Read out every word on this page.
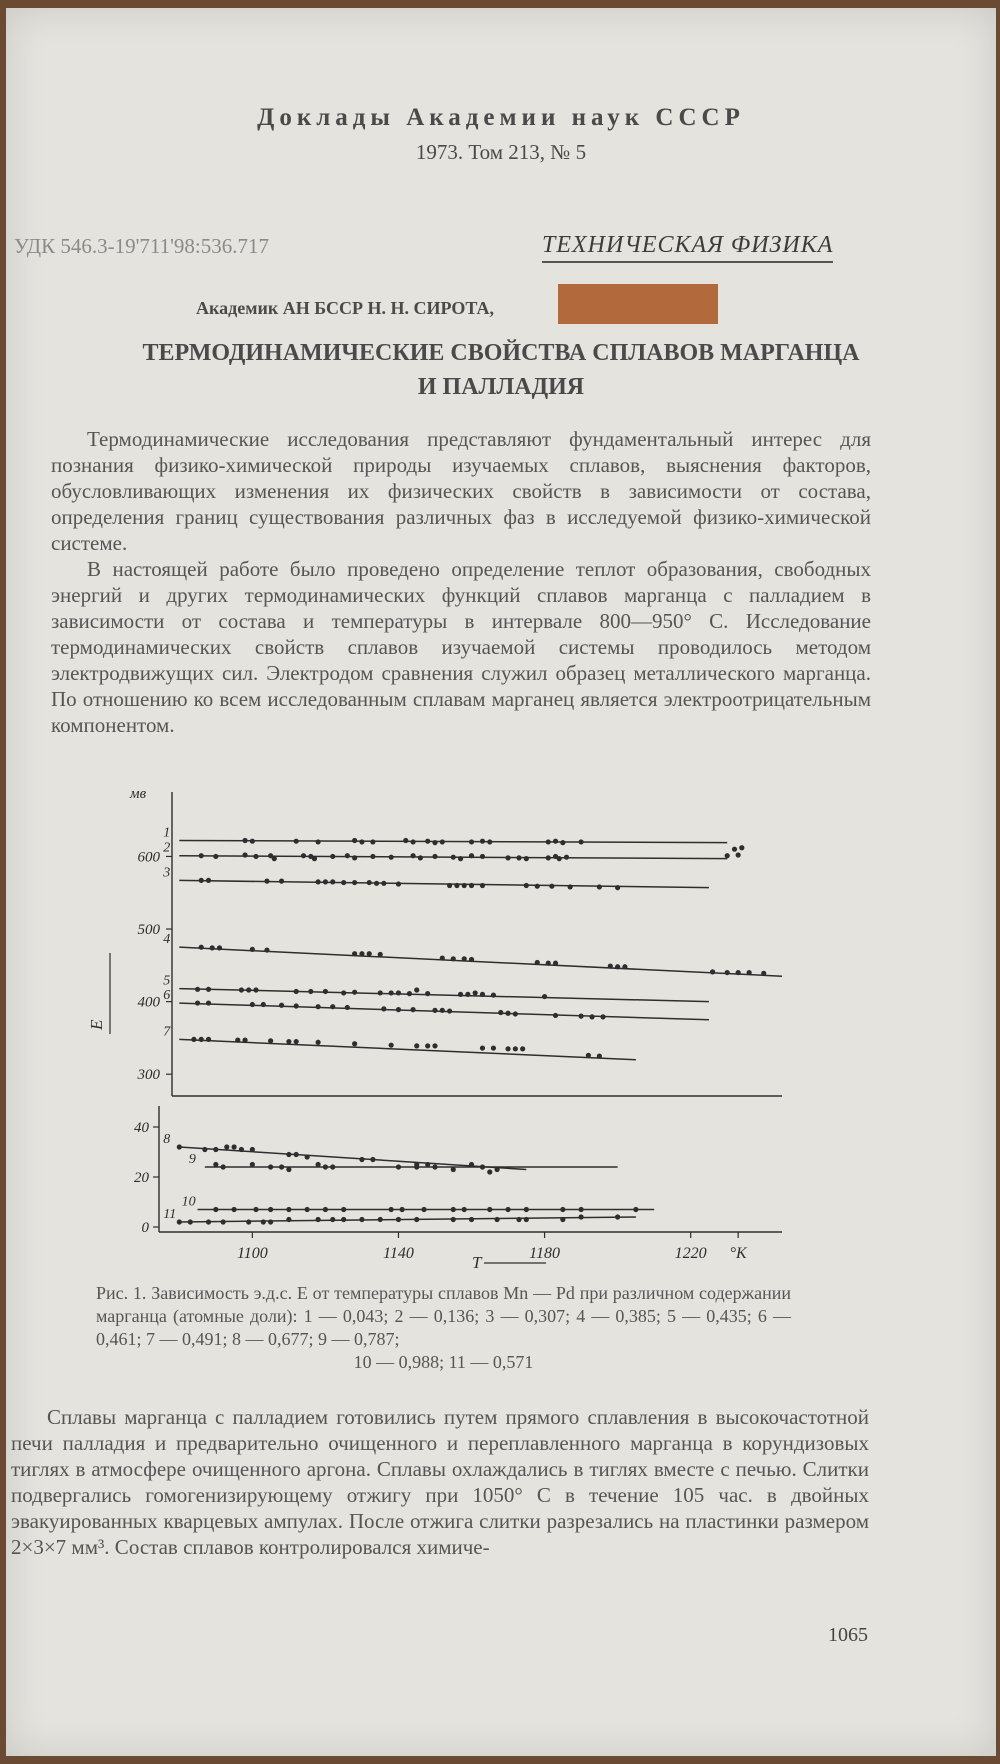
Доклады Академии наук СССР
1973. Том 213, № 5
УДК 546.3-19'711'98:536.717	ТЕХНИЧЕСКАЯ ФИЗИКА
Академик АН БССР Н. Н. СИРОТА,
ТЕРМОДИНАМИЧЕСКИЕ СВОЙСТВА СПЛАВОВ МАРГАНЦА
И ПАЛЛАДИЯ
Термодинамические исследования представляют фундаментальный интерес для познания физико-химической природы изучаемых сплавов, выяснения факторов, обусловливающих изменения их физических свойств в зависимости от состава, определения границ существования различных фаз в исследуемой физико-химической системе.
В настоящей работе было проведено определение теплот образования, свободных энергий и других термодинамических функций сплавов марганца с палладием в зависимости от состава и температуры в интервале 800—950° С. Исследование термодинамических свойств сплавов изучаемой системы проводилось методом электродвижущих сил. Электродом сравнения служил образец металлического марганца. По отношению ко всем исследованным сплавам марганец является электроотрицательным компонентом.
мв
600
500
400
300
40
20
0
E
1100	1140	1180	1220 °K
T
1
2
3
4
5
6
7
8
9
10
11
Рис. 1. Зависимость э.д.с. E от температуры сплавов Mn — Pd при различном содержании марганца (атомные доли): 1 — 0,043; 2 — 0,136; 3 — 0,307; 4 — 0,385; 5 — 0,435; 6 — 0,461; 7 — 0,491; 8 — 0,677; 9 — 0,787;
10 — 0,988; 11 — 0,571
Сплавы марганца с палладием готовились путем прямого сплавления в высокочастотной печи палладия и предварительно очищенного и переплавленного марганца в корундизовых тиглях в атмосфере очищенного аргона. Сплавы охлаждались в тиглях вместе с печью. Слитки подвергались гомогенизирующему отжигу при 1050° С в течение 105 час. в двойных эвакуированных кварцевых ампулах. После отжига слитки разрезались на пластинки размером 2×3×7 мм³. Состав сплавов контролировался химиче-
1065
